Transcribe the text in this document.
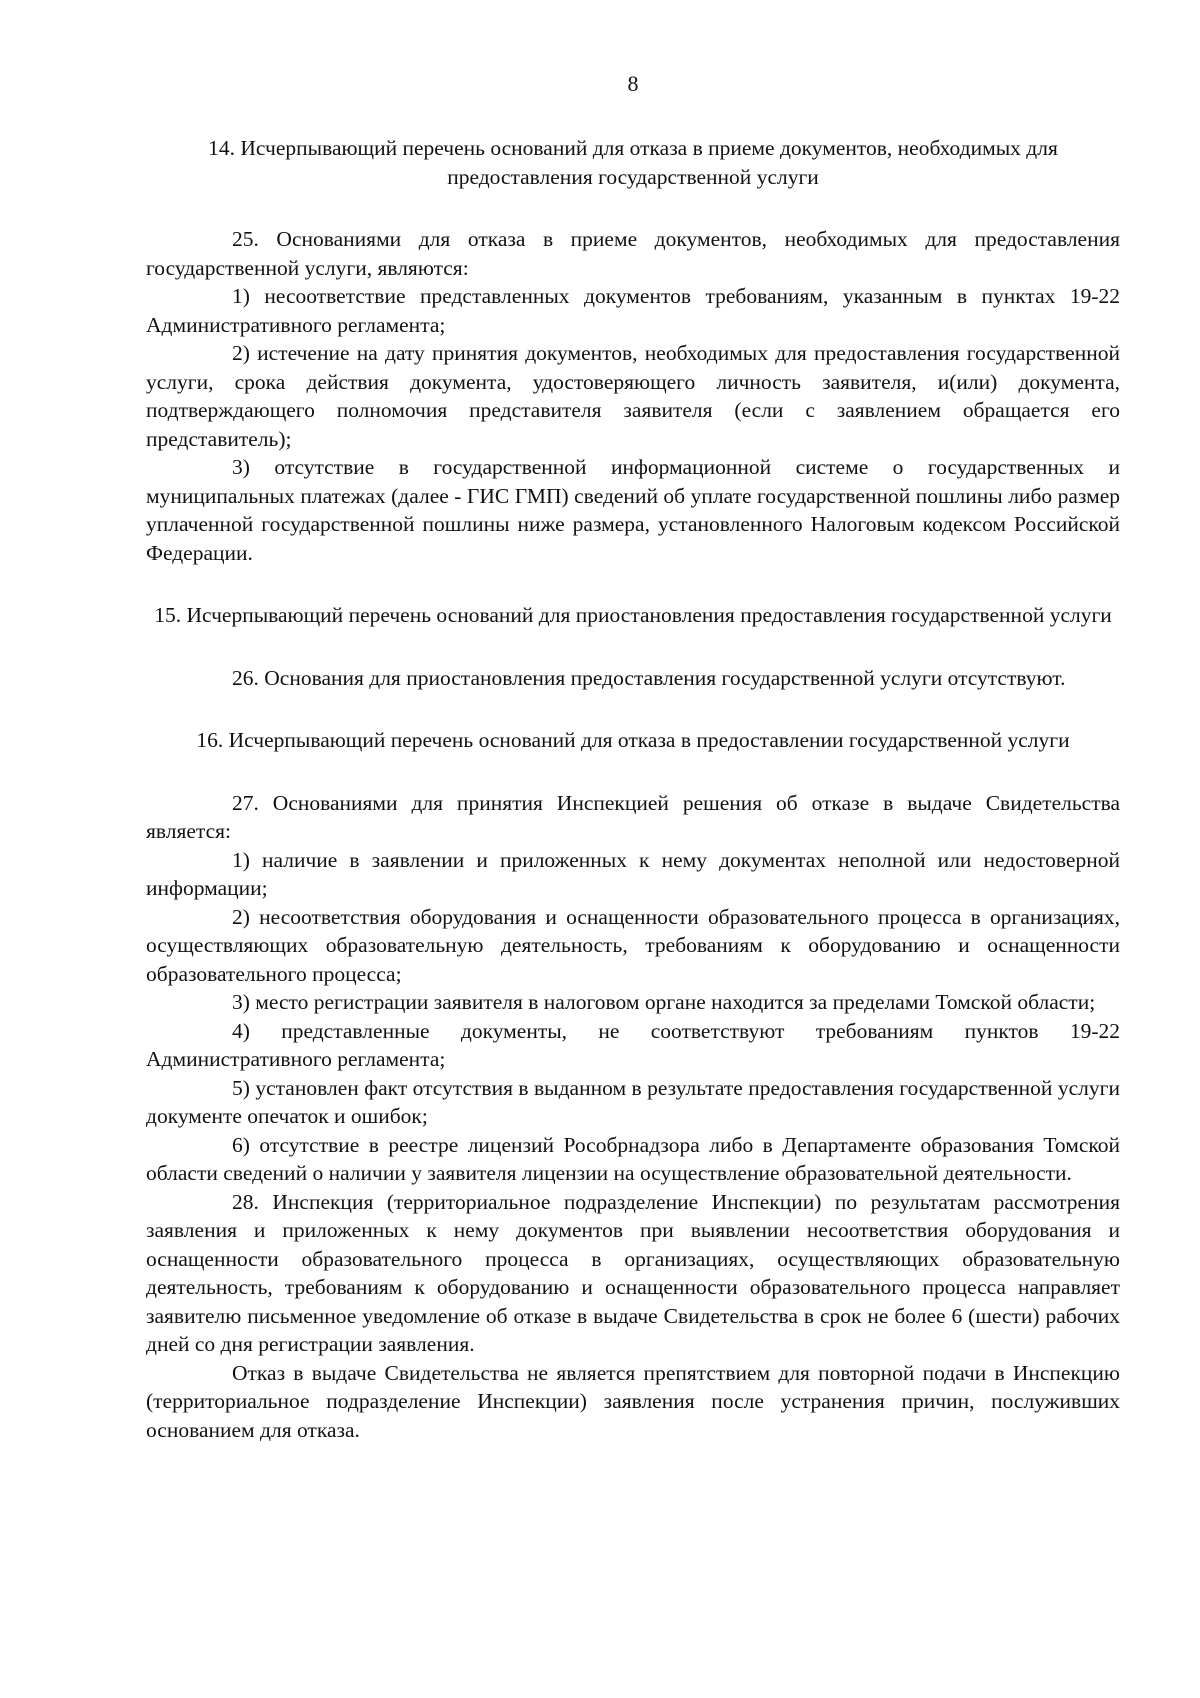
8
14. Исчерпывающий перечень оснований для отказа в приеме документов, необходимых для предоставления государственной услуги

25. Основаниями для отказа в приеме документов, необходимых для предоставления государственной услуги, являются:

1) несоответствие представленных документов требованиям, указанным в пунктах 19-22 Административного регламента;

2) истечение на дату принятия документов, необходимых для предоставления государственной услуги, срока действия документа, удостоверяющего личность заявителя, и(или) документа, подтверждающего полномочия представителя заявителя (если с заявлением обращается его представитель);

3) отсутствие в государственной информационной системе о государственных и муниципальных платежах (далее - ГИС ГМП) сведений об уплате государственной пошлины либо размер уплаченной государственной пошлины ниже размера, установленного Налоговым кодексом Российской Федерации.

15. Исчерпывающий перечень оснований для приостановления предоставления государственной услуги

26. Основания для приостановления предоставления государственной услуги отсутствуют.

16. Исчерпывающий перечень оснований для отказа в предоставлении государственной услуги

27. Основаниями для принятия Инспекцией решения об отказе в выдаче Свидетельства является:

1) наличие в заявлении и приложенных к нему документах неполной или недостоверной информации;

2) несоответствия оборудования и оснащенности образовательного процесса в организациях, осуществляющих образовательную деятельность, требованиям к оборудованию и оснащенности образовательного процесса;

3) место регистрации заявителя в налоговом органе находится за пределами Томской области;

4) представленные документы, не соответствуют требованиям пунктов 19-22 Административного регламента;

5) установлен факт отсутствия в выданном в результате предоставления государственной услуги документе опечаток и ошибок;

6) отсутствие в реестре лицензий Рособрнадзора либо в Департаменте образования Томской области сведений о наличии у заявителя лицензии на осуществление образовательной деятельности.

28. Инспекция (территориальное подразделение Инспекции) по результатам рассмотрения заявления и приложенных к нему документов при выявлении несоответствия оборудования и оснащенности образовательного процесса в организациях, осуществляющих образовательную деятельность, требованиям к оборудованию и оснащенности образовательного процесса направляет заявителю письменное уведомление об отказе в выдаче Свидетельства в срок не более 6 (шести) рабочих дней со дня регистрации заявления.

Отказ в выдаче Свидетельства не является препятствием для повторной подачи в Инспекцию (территориальное подразделение Инспекции) заявления после устранения причин, послуживших основанием для отказа.
